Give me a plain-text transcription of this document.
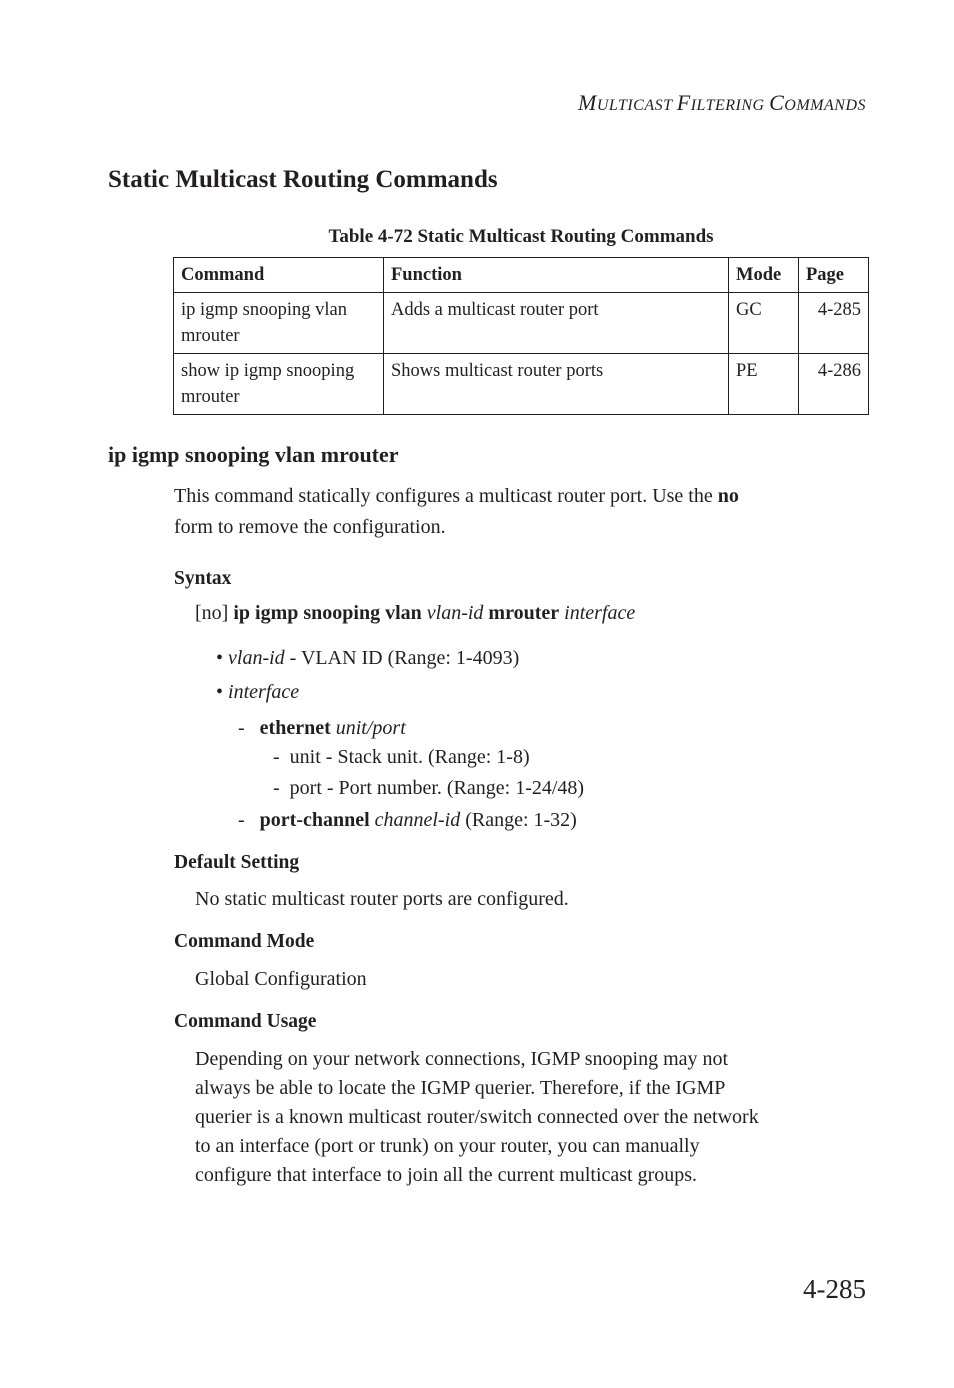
MULTICAST FILTERING COMMANDS
Static Multicast Routing Commands
Table 4-72 Static Multicast Routing Commands
Command	Function	Mode	Page
ip igmp snooping vlan mrouter	Adds a multicast router port	GC	4-285
show ip igmp snooping mrouter	Shows multicast router ports	PE	4-286
ip igmp snooping vlan mrouter

This command statically configures a multicast router port. Use the no
form to remove the configuration.

Syntax
[no] ip igmp snooping vlan vlan-id mrouter interface
• vlan-id - VLAN ID (Range: 1-4093)
• interface
- ethernet unit/port
- unit - Stack unit. (Range: 1-8)
- port - Port number. (Range: 1-24/48)
- port-channel channel-id (Range: 1-32)
Default Setting
No static multicast router ports are configured.
Command Mode
Global Configuration
Command Usage
Depending on your network connections, IGMP snooping may not
always be able to locate the IGMP querier. Therefore, if the IGMP
querier is a known multicast router/switch connected over the network
to an interface (port or trunk) on your router, you can manually
configure that interface to join all the current multicast groups.
4-285
